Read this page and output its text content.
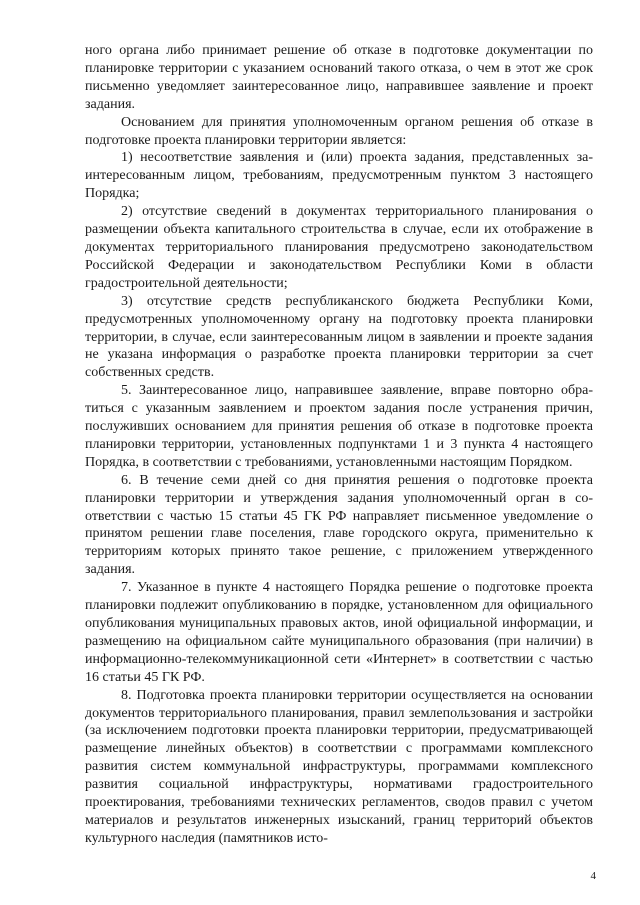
ного органа либо принимает решение об отказе в подготовке документации по планировке территории с указанием оснований такого отказа, о чем в этот же срок письменно уведомляет заинтересованное лицо, направившее заявление и проект задания.

Основанием для принятия уполномоченным органом решения об отказе в подготовке проекта планировки территории является:

1) несоответствие заявления и (или) проекта задания, представленных заинтересованным лицом, требованиям, предусмотренным пунктом 3 настоящего Порядка;

2) отсутствие сведений в документах территориального планирования о размещении объекта капитального строительства в случае, если их отображение в документах территориального планирования предусмотрено законодательством Российской Федерации и законодательством Республики Коми в области градостроительной деятельности;

3) отсутствие средств республиканского бюджета Республики Коми, предусмотренных уполномоченному органу на подготовку проекта планировки территории, в случае, если заинтересованным лицом в заявлении и проекте задания не указана информация о разработке проекта планировки территории за счет собственных средств.

5. Заинтересованное лицо, направившее заявление, вправе повторно обратиться с указанным заявлением и проектом задания после устранения причин, послуживших основанием для принятия решения об отказе в подготовке проекта планировки территории, установленных подпунктами 1 и 3 пункта 4 настоящего Порядка, в соответствии с требованиями, установленными настоящим Порядком.

6. В течение семи дней со дня принятия решения о подготовке проекта планировки территории и утверждения задания уполномоченный орган в соответствии с частью 15 статьи 45 ГК РФ направляет письменное уведомление о принятом решении главе поселения, главе городского округа, применительно к территориям которых принято такое решение, с приложением утвержденного задания.

7. Указанное в пункте 4 настоящего Порядка решение о подготовке проекта планировки подлежит опубликованию в порядке, установленном для официального опубликования муниципальных правовых актов, иной официальной информации, и размещению на официальном сайте муниципального образования (при наличии) в информационно-телекоммуникационной сети «Интернет» в соответствии с частью 16 статьи 45 ГК РФ.

8. Подготовка проекта планировки территории осуществляется на основании документов территориального планирования, правил землепользования и застройки (за исключением подготовки проекта планировки территории, предусматривающей размещение линейных объектов) в соответствии с программами комплексного развития систем коммунальной инфраструктуры, программами комплексного развития социальной инфраструктуры, нормативами градостроительного проектирования, требованиями технических регламентов, сводов правил с учетом материалов и результатов инженерных изысканий, границ территорий объектов культурного наследия (памятников исто-

4
